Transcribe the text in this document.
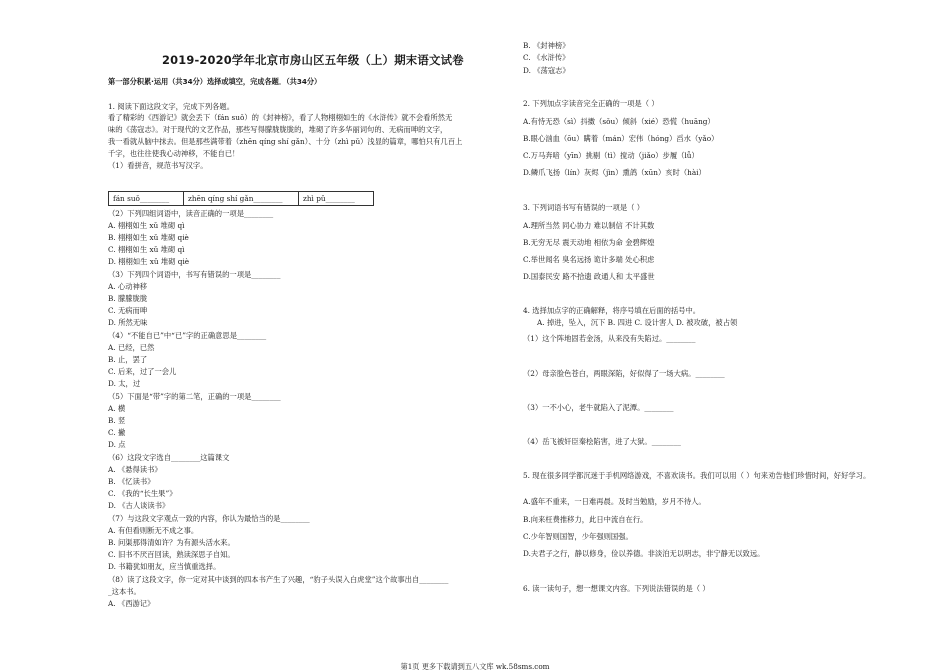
2019-2020学年北京市房山区五年级（上）期末语文试卷
第一部分积累·运用（共34分）选择或填空，完成各题．（共34分）
1. 阅读下面这段文字，完成下列各题。
看了精彩的《西游记》就会丢下（fán suǒ）的《封神榜》，看了人物栩栩如生的《水浒传》就不会看所然无
味的《荡寇志》。对于现代的文艺作品，那些写得朦胧胧胧的，堆砌了许多华丽词句的、无病而呻的文字，
我一看就从脑中抹去。但是那些满带着（zhēn qíng shí gǎn）、十分（zhì pǔ）浅显的篇章，哪怕只有几百上
千字，也往往使我心动神移，不能自已！
（1）看拼音，规范书写汉字。
fán suǒ________	zhēn qíng shí gǎn________	zhì pǔ________
（2）下列四组词语中，读音正确的一项是________
A. 栩栩如生 xǔ 堆砌 qì
B. 栩栩如生 xǔ 堆砌 qiè
C. 栩栩如生 xǔ 堆砌 qì
D. 栩栩如生 xǔ 堆砌 qiè
（3）下列四个词语中，书写有错误的一项是________
A. 心动神移
B. 朦朦胧胧
C. 无病而呻
D. 所然无味
（4）“不能自已”中“已”字的正确意思是________
A. 已经，已然
B. 止，罢了
C. 后来，过了一会儿
D. 太，过
（5）下面是“带”字的第二笔，正确的一项是________
A. 横
B. 竖
C. 撇
D. 点
（6）这段文字选自________这篇课文
A. 《悬得读书》
B. 《忆读书》
C. 《我的“长生果”》
D. 《古人谈读书》
（7）与这段文字观点一致的内容，你认为最恰当的是________
A. 有但看则断无不成之事。
B. 问渠那得清如许？为有源头活水来。
C. 旧书不厌百回读，熟读深思子自知。
D. 书籍犹如朋友，应当慎重选择。
（8）读了这段文字，你一定对其中谈到的四本书产生了兴趣，“豹子头误入白虎堂”这个故事出自________
_这本书。
A. 《西游记》
B. 《封神榜》
C. 《水浒传》
D. 《荡寇志》
2. 下列加点字读音完全正确的一项是（ ）
A.有恃无恐（sì）抖擞（sǒu）倾斜（xié）恐慌（huāng）
B.眼心汹血（ōu）瞒着（mán）宏伟（hóng）舀水（yǎo）
C.万马奔喑（yīn）挑剔（tì）搅动（jiǎo）步履（lǚ）
D.鳞爪飞扬（lín）灰烬（jìn）熏鸽（xūn）亥时（hài）
3. 下列词语书写有错误的一项是（ ）
A.理所当然 同心协力 难以制信 不计其数
B.无穷无尽 震天动地 相依为命 金碧辉煌
C.举世闻名 臭名远扬 诡计多端 处心积虑
D.国泰民安 路不拾遗 政通人和 太平盛世
4. 选择加点字的正确解释，将序号填在后面的括号中。
A. 掉进，坠入，沉下 B. 四进 C. 设计害人 D. 被攻破，被占领
（1）这个阵地固若金汤，从来没有失陷过。________
（2）母亲脸色苍白，两眼深陷，好似得了一场大病。________
（3）一不小心，老牛就陷入了泥潭。________
（4）岳飞被奸臣秦桧陷害，进了大狱。________
5. 现在很多同学都沉迷于手机网络游戏，不喜欢读书。我们可以用（ ）句来劝告他们珍惜时间，好好学习。
A.盛年不重来，一日难再晨。及时当勉励，岁月不待人。
B.向来枉费推移力，此日中流自在行。
C.少年智则国智，少年强则国强。
D.夫君子之行，静以修身，俭以养德。非淡泊无以明志，非宁静无以致远。
6. 读一读句子，想一想课文内容。下列说法错误的是（ ）
第1页 更多下载请到五八文库 wk.58sms.com
